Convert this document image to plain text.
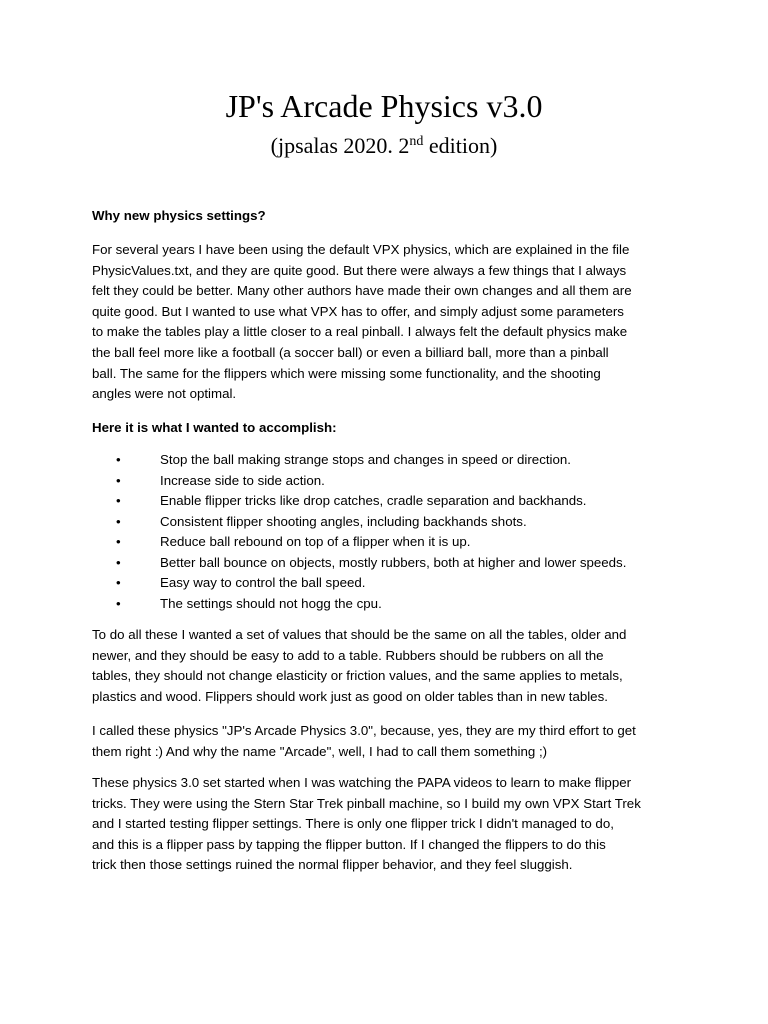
JP's Arcade Physics v3.0
(jpsalas 2020. 2nd edition)
Why new physics settings?
For several years I have been using the default VPX physics, which are explained in the file
PhysicValues.txt, and they are quite good. But there were always a few things that I always
felt they could be better. Many other authors have made their own changes and all them are
quite good. But I wanted to use what VPX has to offer, and simply adjust some parameters
to make the tables play a little closer to a real pinball. I always felt the default physics make
the ball feel more like a football (a soccer ball) or even a billiard ball, more than a pinball
ball. The same for the flippers which were missing some functionality, and the shooting
angles were not optimal.
Here it is what I wanted to accomplish:
•	Stop the ball making strange stops and changes in speed or direction.
•	Increase side to side action.
•	Enable flipper tricks like drop catches, cradle separation and backhands.
•	Consistent flipper shooting angles, including backhands shots.
•	Reduce ball rebound on top of a flipper when it is up.
•	Better ball bounce on objects, mostly rubbers, both at higher and lower speeds.
•	Easy way to control the ball speed.
•	The settings should not hogg the cpu.
To do all these I wanted a set of values that should be the same on all the tables, older and
newer, and they should be easy to add to a table. Rubbers should be rubbers on all the
tables, they should not change elasticity or friction values, and the same applies to metals,
plastics and wood. Flippers should work just as good on older tables than in new tables.
I called these physics "JP's Arcade Physics 3.0", because, yes, they are my third effort to get
them right :) And why the name "Arcade", well, I had to call them something ;)
These physics 3.0 set started when I was watching the PAPA videos to learn to make flipper
tricks. They were using the Stern Star Trek pinball machine, so I build my own VPX Start Trek
and I started testing flipper settings. There is only one flipper trick I didn't managed to do,
and this is a flipper pass by tapping the flipper button. If I changed the flippers to do this
trick then those settings ruined the normal flipper behavior, and they feel sluggish.
